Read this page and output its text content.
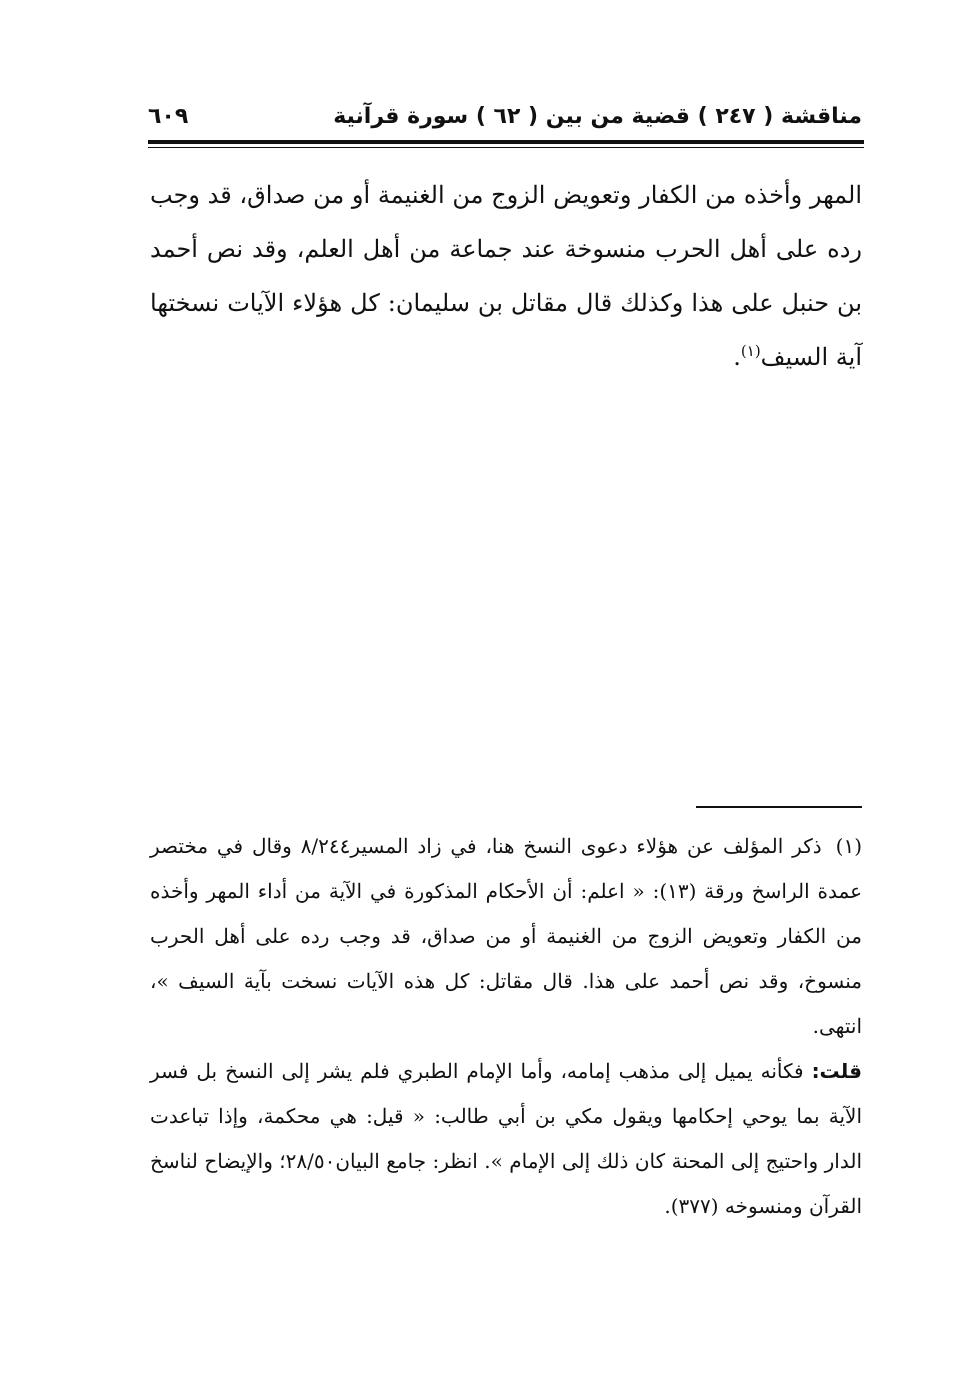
مناقشة ( ٢٤٧ ) قضية من بين ( ٦٢ ) سورة قرآنية
٦٠٩

المهر وأخذه من الكفار وتعويض الزوج من الغنيمة أو من صداق، قد وجب رده على أهل الحرب منسوخة عند جماعة من أهل العلم، وقد نص أحمد بن حنبل على هذا وكذلك قال مقاتل بن سليمان: كل هؤلاء الآيات نسختها آية السيف$^{(١)}$.

(١)ذكر المؤلف عن هؤلاء دعوى النسخ هنا، في زاد المسير٨/٢٤٤ وقال في مختصر عمدة الراسخ ورقة (١٣): « اعلم: أن الأحكام المذكورة في الآية من أداء المهر وأخذه من الكفار وتعويض الزوج من الغنيمة أو من صداق، قد وجب رده على أهل الحرب منسوخ، وقد نص أحمد على هذا. قال مقاتل: كل هذه الآيات نسخت بآية السيف »، انتهى.

قلت: فكأنه يميل إلى مذهب إمامه، وأما الإمام الطبري فلم يشر إلى النسخ بل فسر الآية بما يوحي إحكامها ويقول مكي بن أبي طالب: « قيل: هي محكمة، وإذا تباعدت الدار واحتيج إلى المحنة كان ذلك إلى الإمام ». انظر: جامع البيان٢٨/٥٠؛ والإيضاح لناسخ القرآن ومنسوخه (٣٧٧).
